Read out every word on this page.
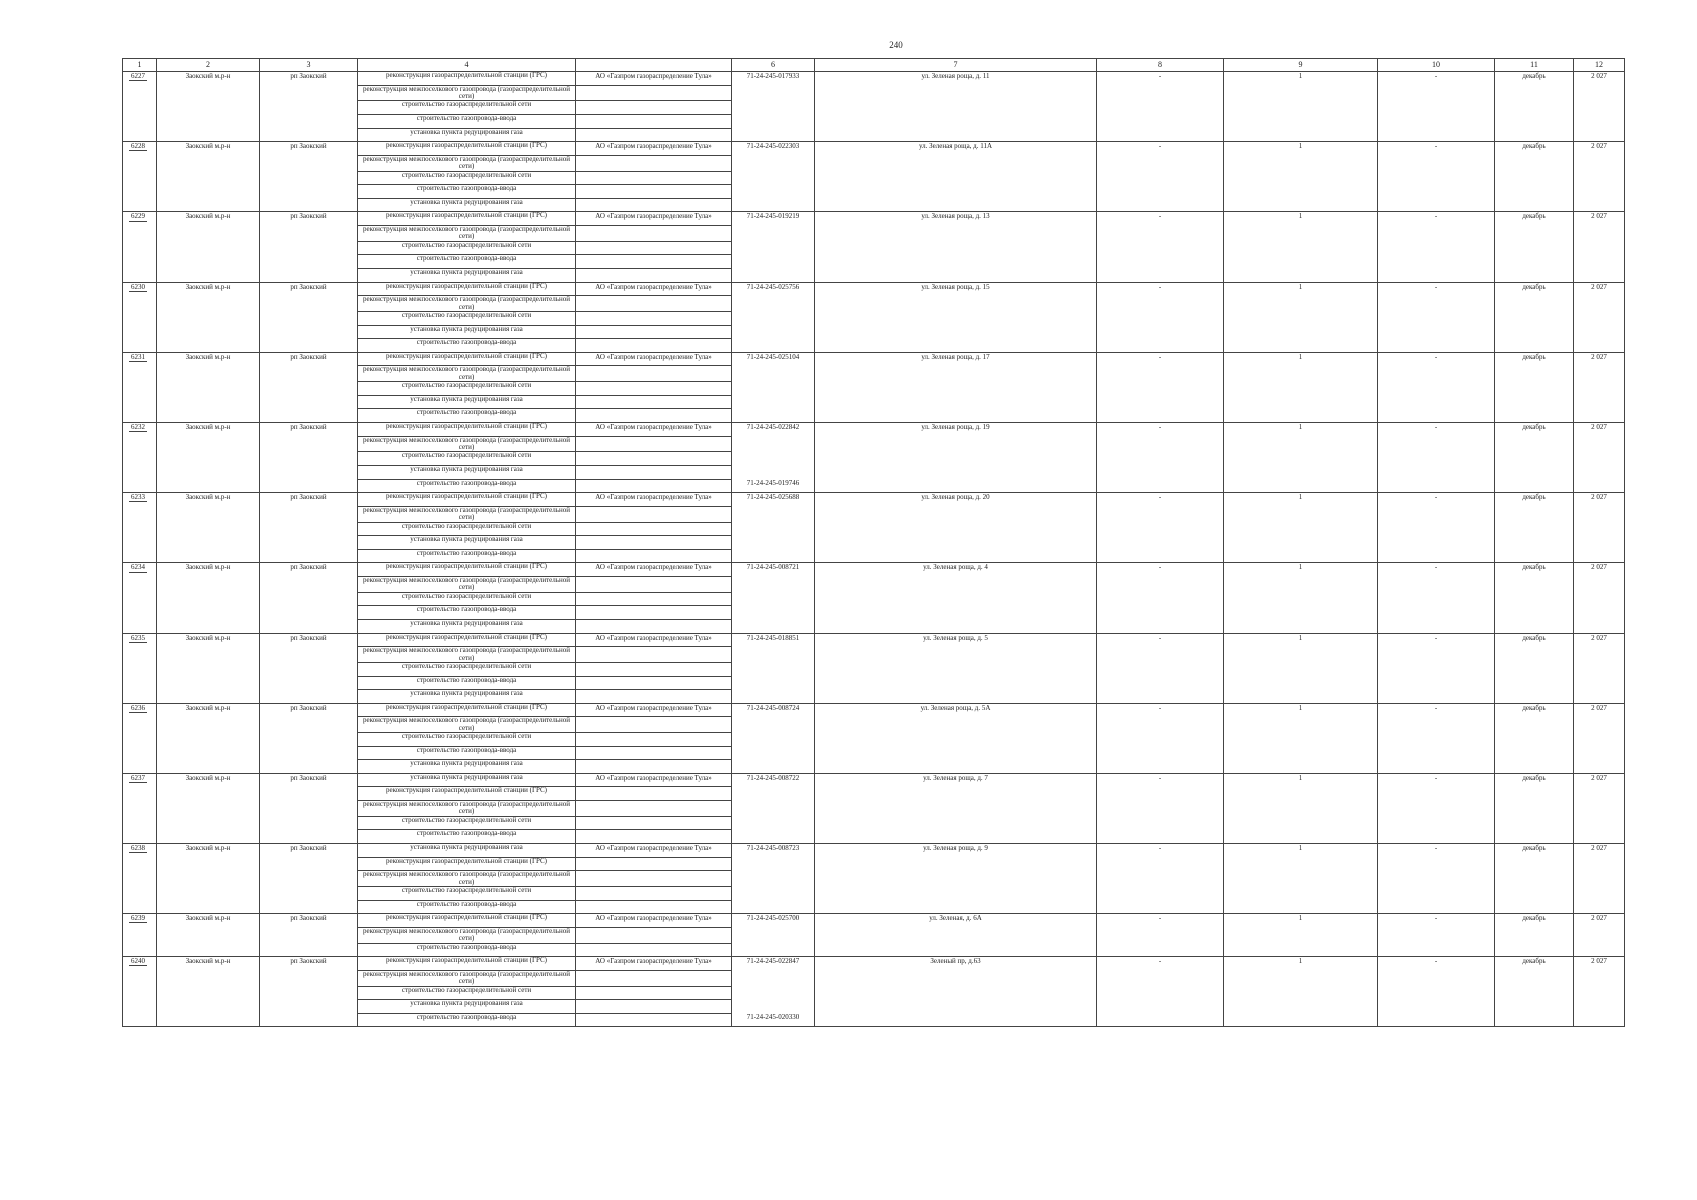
240
1	2	3	4		6	7	8	9	10	11	12
6227	Заокский м.р-н	рп Заокский	реконструкция газораспределительной станции (ГРС)	АО «Газпром газораспределение Тула»	71-24-245-017933	ул. Зеленая роща, д. 11	-	1	-	декабрь	2 027
			реконструкция межпоселкового газопровода (газораспределительной сети)								
			строительство газораспределительной сети								
			строительство газопровода-ввода								
			установка пункта редуцирования газа								
6228	Заокский м.р-н	рп Заокский	реконструкция газораспределительной станции (ГРС)	АО «Газпром газораспределение Тула»	71-24-245-022303	ул. Зеленая роща, д. 11А	-	1	-	декабрь	2 027
			реконструкция межпоселкового газопровода (газораспределительной сети)								
			строительство газораспределительной сети								
			строительство газопровода-ввода								
			установка пункта редуцирования газа								
6229	Заокский м.р-н	рп Заокский	реконструкция газораспределительной станции (ГРС)	АО «Газпром газораспределение Тула»	71-24-245-019219	ул. Зеленая роща, д. 13	-	1	-	декабрь	2 027
			реконструкция межпоселкового газопровода (газораспределительной сети)								
			строительство газораспределительной сети								
			строительство газопровода-ввода								
			установка пункта редуцирования газа								
6230	Заокский м.р-н	рп Заокский	реконструкция газораспределительной станции (ГРС)	АО «Газпром газораспределение Тула»	71-24-245-025756	ул. Зеленая роща, д. 15	-	1	-	декабрь	2 027
			реконструкция межпоселкового газопровода (газораспределительной сети)								
			строительство газораспределительной сети								
			установка пункта редуцирования газа								
			строительство газопровода-ввода								
6231	Заокский м.р-н	рп Заокский	реконструкция газораспределительной станции (ГРС)	АО «Газпром газораспределение Тула»	71-24-245-025104	ул. Зеленая роща, д. 17	-	1	-	декабрь	2 027
			реконструкция межпоселкового газопровода (газораспределительной сети)								
			строительство газораспределительной сети								
			установка пункта редуцирования газа								
			строительство газопровода-ввода								
6232	Заокский м.р-н	рп Заокский	реконструкция газораспределительной станции (ГРС)	АО «Газпром газораспределение Тула»	71-24-245-022842	ул. Зеленая роща, д. 19	-	1	-	декабрь	2 027
			реконструкция межпоселкового газопровода (газораспределительной сети)								
			строительство газораспределительной сети								
			установка пункта редуцирования газа								
			строительство газопровода-ввода		71-24-245-019746						
6233	Заокский м.р-н	рп Заокский	реконструкция газораспределительной станции (ГРС)	АО «Газпром газораспределение Тула»	71-24-245-025688	ул. Зеленая роща, д. 20	-	1	-	декабрь	2 027
			реконструкция межпоселкового газопровода (газораспределительной сети)								
			строительство газораспределительной сети								
			установка пункта редуцирования газа								
			строительство газопровода-ввода								
6234	Заокский м.р-н	рп Заокский	реконструкция газораспределительной станции (ГРС)	АО «Газпром газораспределение Тула»	71-24-245-008721	ул. Зеленая роща, д. 4	-	1	-	декабрь	2 027
			реконструкция межпоселкового газопровода (газораспределительной сети)								
			строительство газораспределительной сети								
			строительство газопровода-ввода								
			установка пункта редуцирования газа								
6235	Заокский м.р-н	рп Заокский	реконструкция газораспределительной станции (ГРС)	АО «Газпром газораспределение Тула»	71-24-245-018851	ул. Зеленая роща, д. 5	-	1	-	декабрь	2 027
			реконструкция межпоселкового газопровода (газораспределительной сети)								
			строительство газораспределительной сети								
			строительство газопровода-ввода								
			установка пункта редуцирования газа								
6236	Заокский м.р-н	рп Заокский	реконструкция газораспределительной станции (ГРС)	АО «Газпром газораспределение Тула»	71-24-245-008724	ул. Зеленая роща, д. 5А	-	1	-	декабрь	2 027
			реконструкция межпоселкового газопровода (газораспределительной сети)								
			строительство газораспределительной сети								
			строительство газопровода-ввода								
			установка пункта редуцирования газа								
6237	Заокский м.р-н	рп Заокский	установка пункта редуцирования газа	АО «Газпром газораспределение Тула»	71-24-245-008722	ул. Зеленая роща, д. 7	-	1	-	декабрь	2 027
			реконструкция газораспределительной станции (ГРС)								
			реконструкция межпоселкового газопровода (газораспределительной сети)								
			строительство газораспределительной сети								
			строительство газопровода-ввода								
6238	Заокский м.р-н	рп Заокский	установка пункта редуцирования газа	АО «Газпром газораспределение Тула»	71-24-245-008723	ул. Зеленая роща, д. 9	-	1	-	декабрь	2 027
			реконструкция газораспределительной станции (ГРС)								
			реконструкция межпоселкового газопровода (газораспределительной сети)								
			строительство газораспределительной сети								
			строительство газопровода-ввода								
6239	Заокский м.р-н	рп Заокский	реконструкция газораспределительной станции (ГРС)	АО «Газпром газораспределение Тула»	71-24-245-025700	ул. Зеленая, д. 6А	-	1	-	декабрь	2 027
			реконструкция межпоселкового газопровода (газораспределительной сети)								
			строительство газопровода-ввода								
6240	Заокский м.р-н	рп Заокский	реконструкция газораспределительной станции (ГРС)	АО «Газпром газораспределение Тула»	71-24-245-022847	Зеленый пр, д.63	-	1	-	декабрь	2 027
			реконструкция межпоселкового газопровода (газораспределительной сети)								
			строительство газораспределительной сети								
			установка пункта редуцирования газа								
			строительство газопровода-ввода		71-24-245-020330						
